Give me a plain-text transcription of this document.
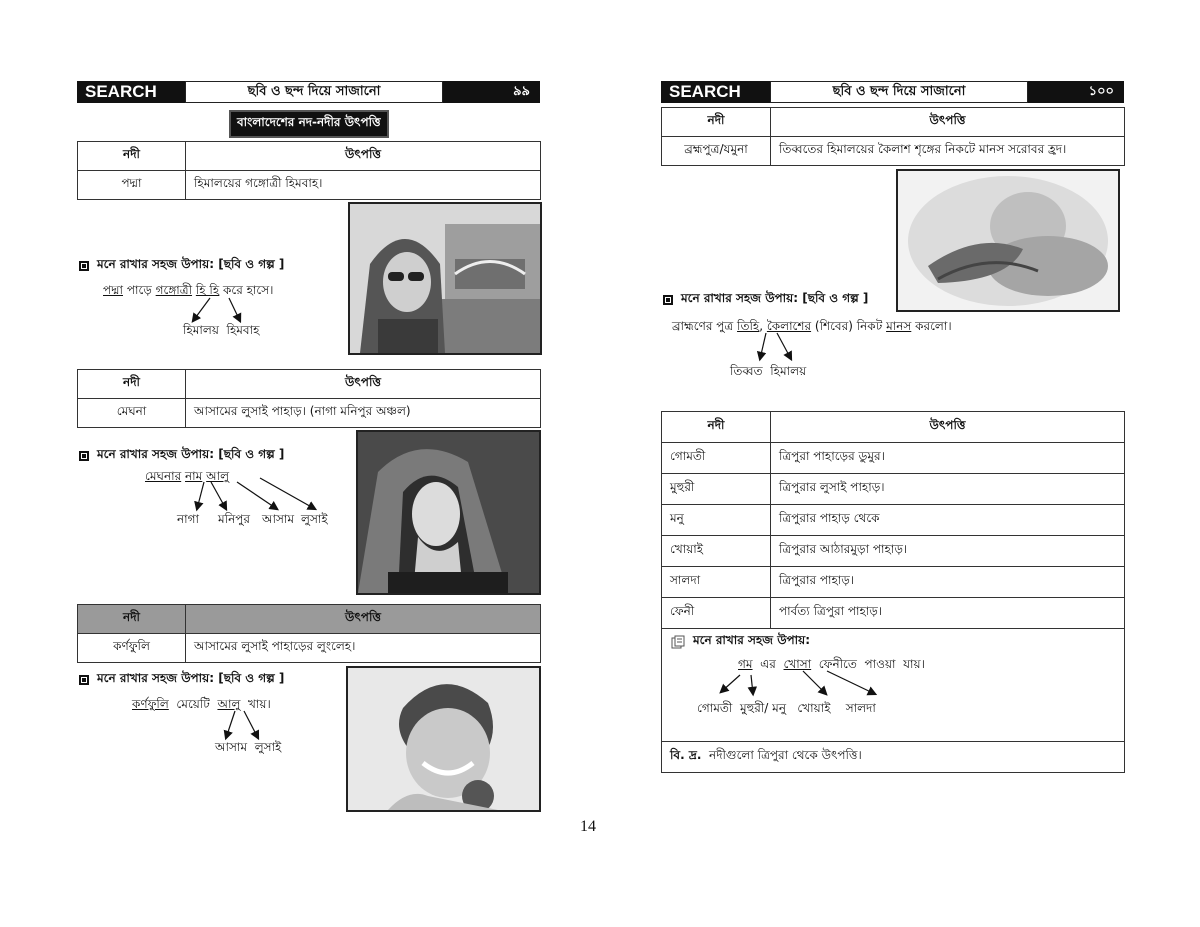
SEARCH	ছবি ও ছন্দ দিয়ে সাজানো	৯৯
বাংলাদেশের নদ-নদীর উৎপত্তি
নদী	উৎপত্তি
পদ্মা	হিমালয়ের গঙ্গোত্রী হিমবাহ।
মনে রাখার সহজ উপায়: [ছবি ও গল্প ]
পদ্মা পাড়ে গঙ্গোত্রী হি হি করে হাসে।
হিমালয়  হিমবাহ
নদী	উৎপত্তি
মেঘনা	আসামের লুসাই পাহাড়। (নাগা মনিপুর অঞ্চল)
মনে রাখার সহজ উপায়: [ছবি ও গল্প ]
মেঘনার নাম আলু
নাগা মনিপুর আসাম লুসাই
নদী	উৎপত্তি
কর্ণফুলি	আসামের লুসাই পাহাড়ের লুংলেহ।
মনে রাখার সহজ উপায়: [ছবি ও গল্প ]
কর্ণফুলি  মেয়েটি  আলু  খায়।
আসাম  লুসাই
SEARCH	ছবি ও ছন্দ দিয়ে সাজানো	১০০
নদী	উৎপত্তি
ব্রহ্মপুত্র/যমুনা	তিব্বতের হিমালয়ের কৈলাশ শৃঙ্গের নিকটে মানস সরোবর হ্রদ।
মনে রাখার সহজ উপায়: [ছবি ও গল্প ]
ব্রাহ্মণের পুত্র তিহি, কৈলাশের (শিবের) নিকট মানস করলো।
তিব্বত  হিমালয়
নদী	উৎপত্তি
গোমতী	ত্রিপুরা পাহাড়ের ডুমুর।
মুহুরী	ত্রিপুরার লুসাই পাহাড়।
মনু	ত্রিপুরার পাহাড় থেকে
খোয়াই	ত্রিপুরার আঠারমুড়া পাহাড়।
সালদা	ত্রিপুরার পাহাড়।
ফেনী	পার্বত্য ত্রিপুরা পাহাড়।

বি. দ্র. নদীগুলো ত্রিপুরা থেকে উৎপত্তি।	
মনে রাখার সহজ উপায়:
গম  এর  খোসা  ফেনীতে  পাওয়া  যায়।
গোমতী  মুহুরী/ মনু   খোয়াই    সালদা
14
